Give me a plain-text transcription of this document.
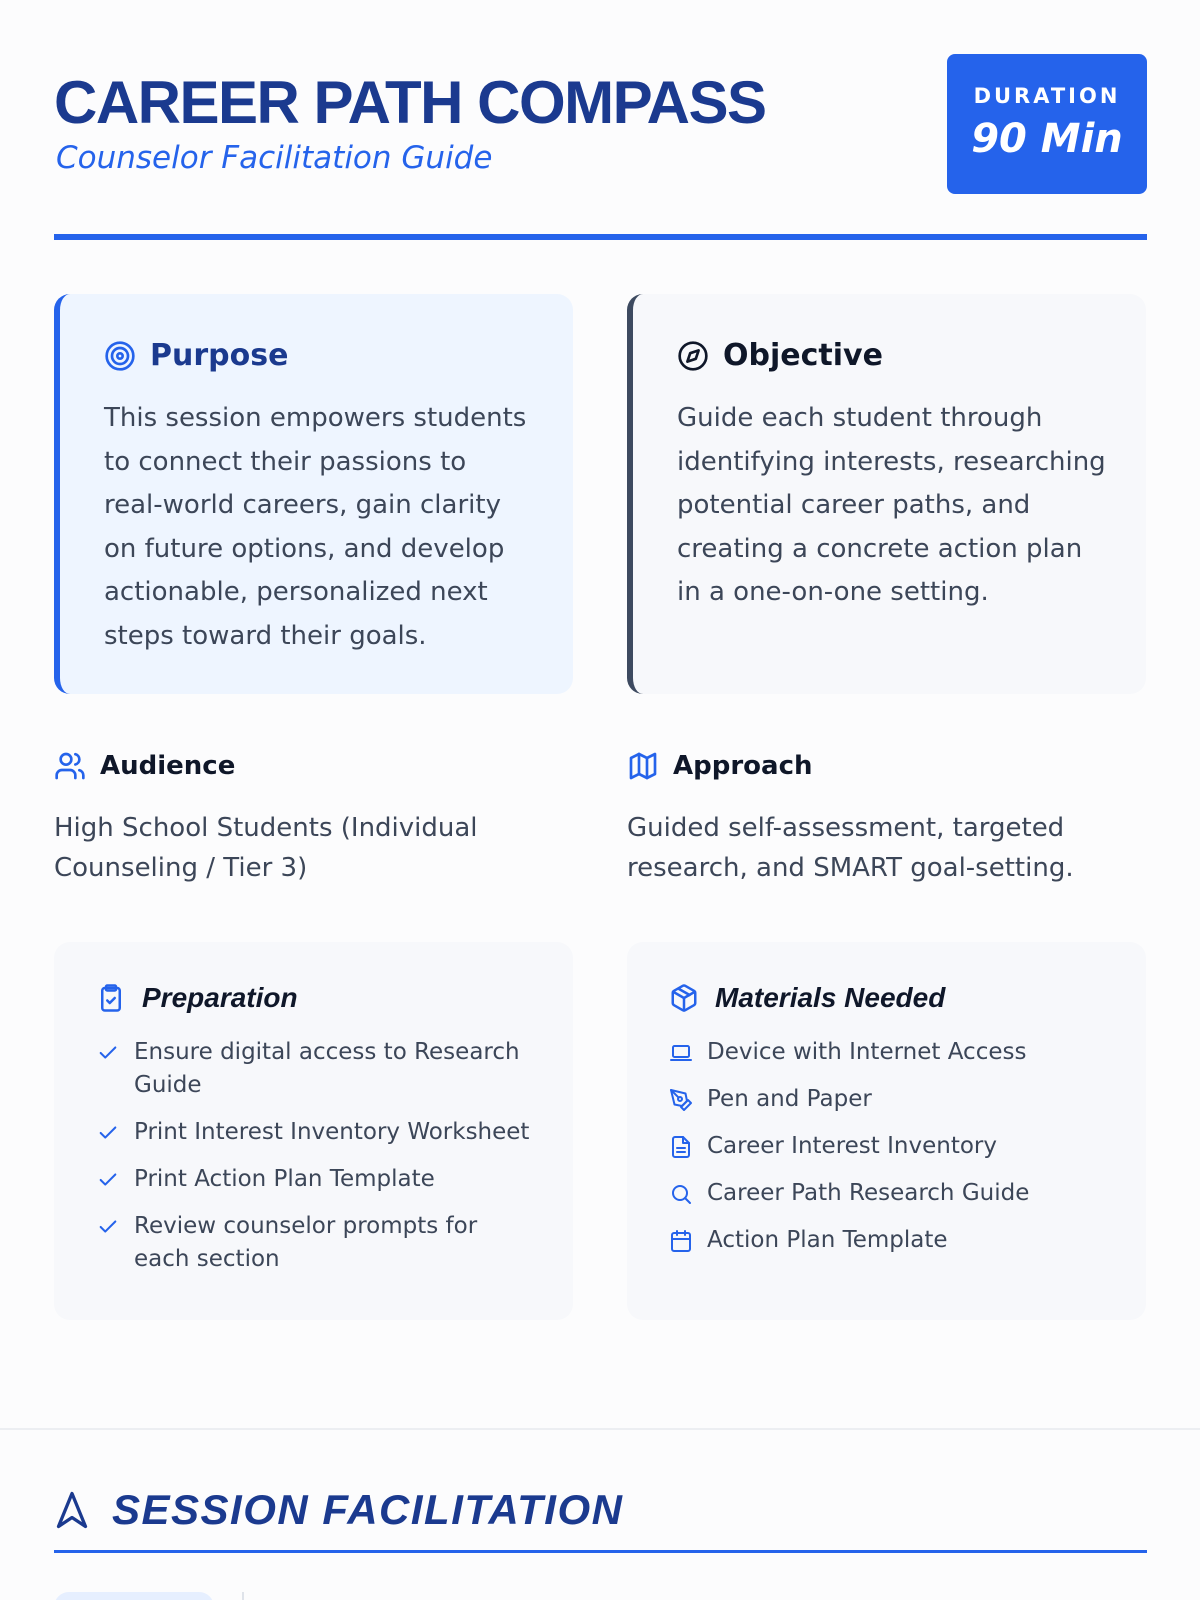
CAREER PATH COMPASS
Counselor Facilitation Guide
DURATION
90 Min
Purpose

This session empowers students to connect their passions to real-world careers, gain clarity on future options, and develop actionable, personalized next steps toward their goals.

Objective

Guide each student through identifying interests, researching potential career paths, and creating a concrete action plan in a one-on-one setting.

Audience

High School Students (Individual Counseling / Tier 3)

Approach

Guided self-assessment, targeted research, and SMART goal-setting.

Preparation
Ensure digital access to Research Guide
Print Interest Inventory Worksheet
Print Action Plan Template
Review counselor prompts for each section
Materials Needed
Device with Internet Access
Pen and Paper
Career Interest Inventory
Career Path Research Guide
Action Plan Template
SESSION FACILITATION
